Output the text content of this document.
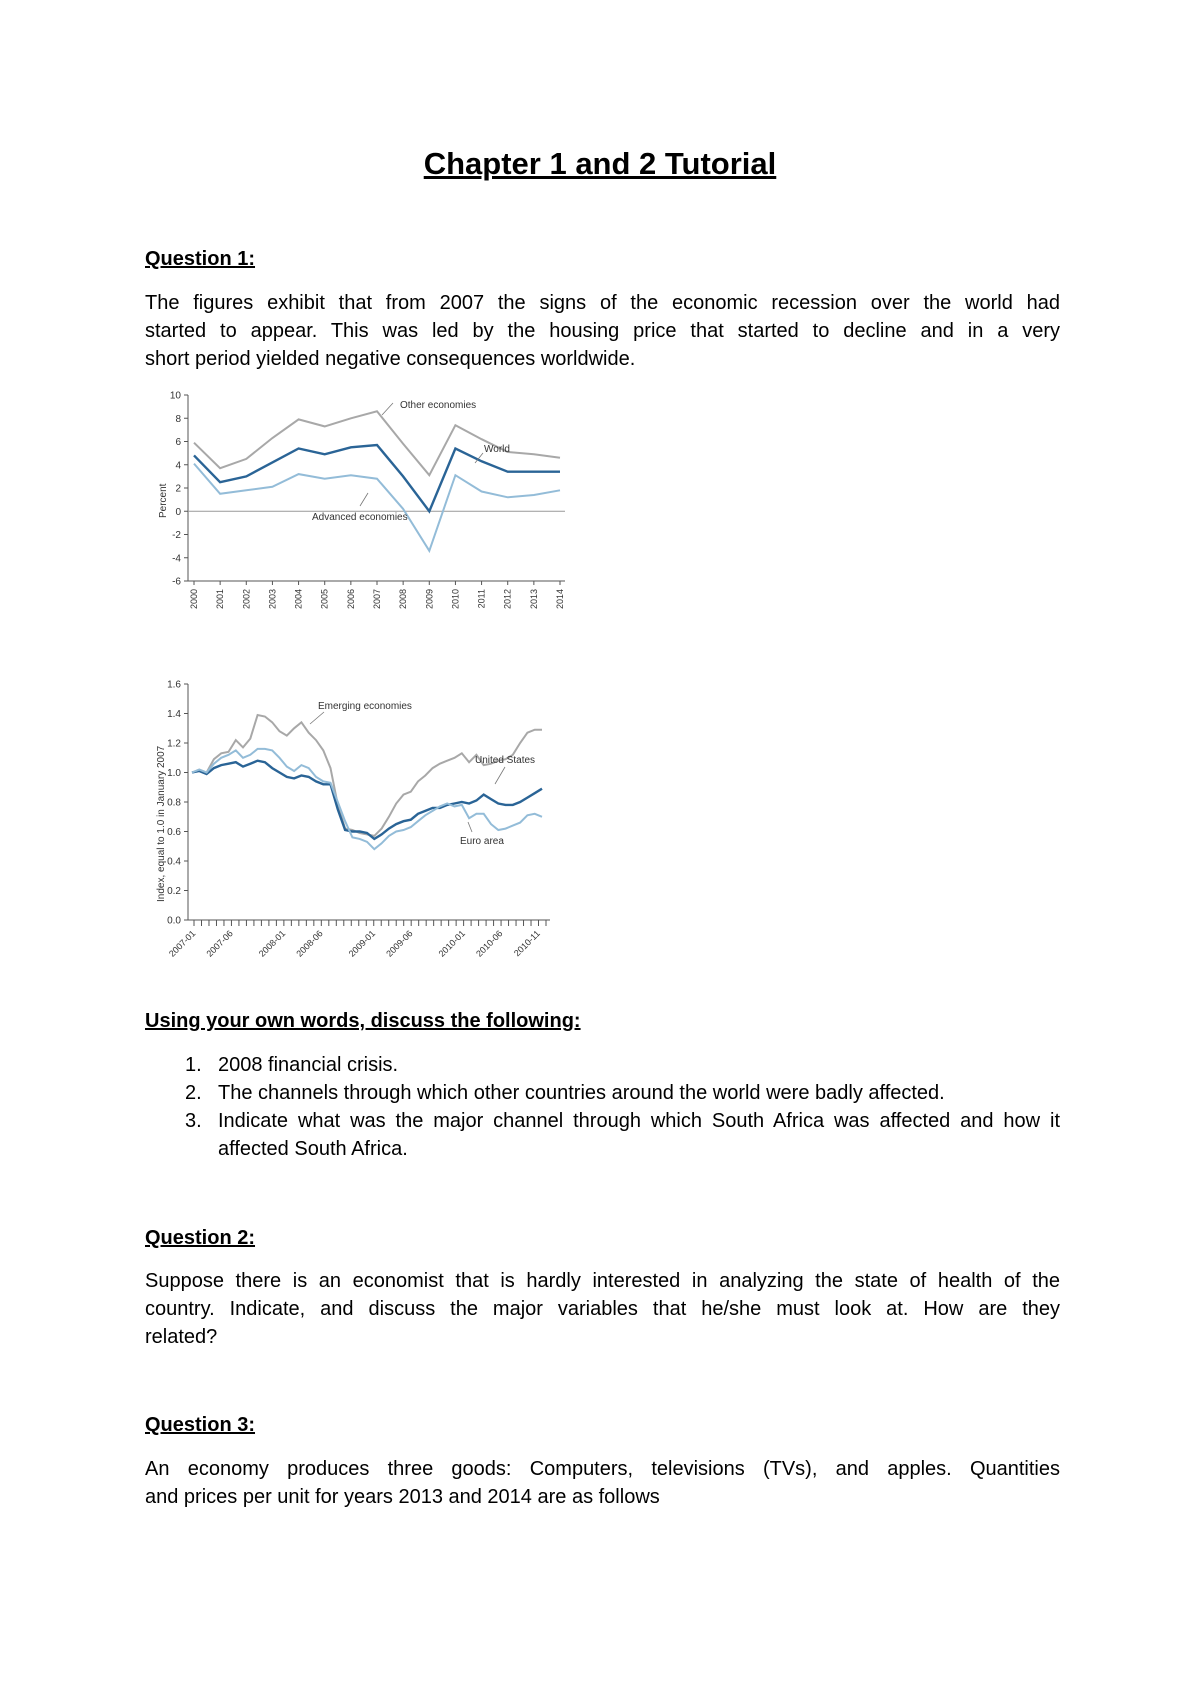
Chapter 1 and 2 Tutorial
Question 1:
The figures exhibit that from 2007 the signs of the economic recession over the world had
started to appear. This was led by the housing price that started to decline and in a very
short period yielded negative consequences worldwide.
-6
-4
-2
0
2
4
6
8
10
2000 2001 2002 2003 2004 2005 2006 2007 2008 2009 2010 2011 2012 2013 2014
Percent
Other economies
World
Advanced economies
0.0
0.2
0.4
0.6
0.8
1.0
1.2
1.4
1.6
2007-01 2007-06 2008-01 2008-06 2009-01 2009-06 2010-01 2010-06 2010-11
Index, equal to 1.0 in January 2007
Emerging economies
United States
Euro area
Using your own words, discuss the following:
1. 2008 financial crisis.
2. The channels through which other countries around the world were badly affected.
3. Indicate what was the major channel through which South Africa was affected and how it affected South Africa.
Question 2:
Suppose there is an economist that is hardly interested in analyzing the state of health of the
country. Indicate, and discuss the major variables that he/she must look at. How are they
related?
Question 3:
An economy produces three goods: Computers, televisions (TVs), and apples. Quantities
and prices per unit for years 2013 and 2014 are as follows
